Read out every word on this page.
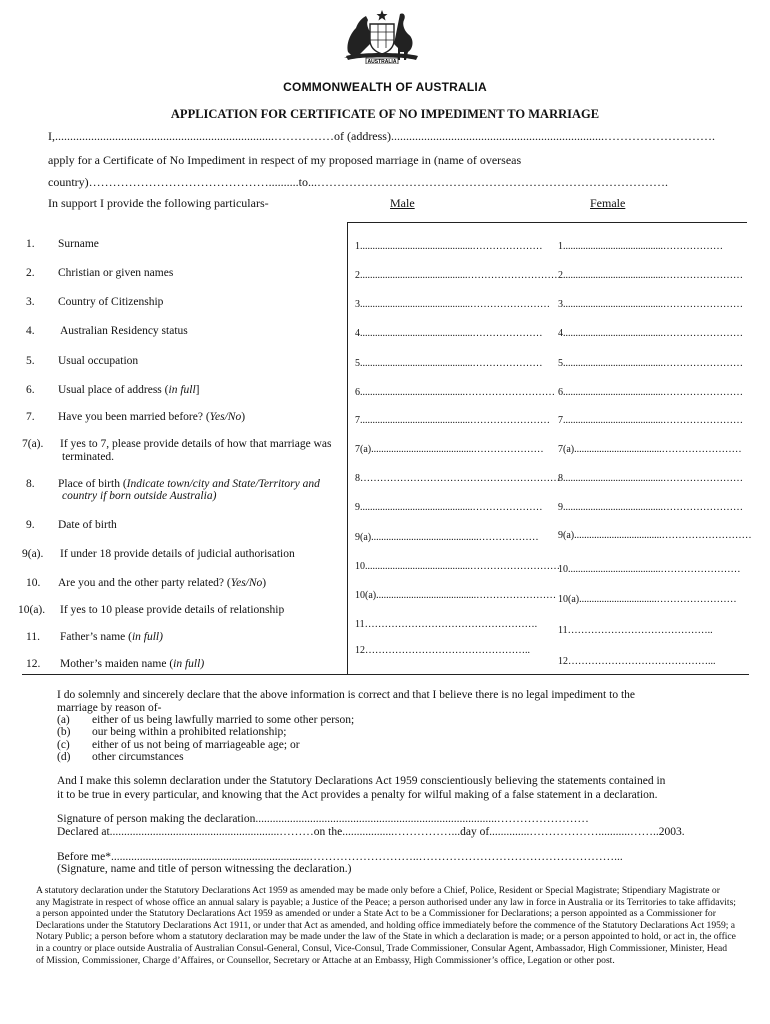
AUSTRALIA
COMMONWEALTH OF AUSTRALIA
APPLICATION FOR CERTIFICATE OF NO IMPEDIMENT TO MARRIAGE
I,.........................................................................……………of (address).......................................................................……………………….
apply for a Certificate of No Impediment in respect of my proposed marriage in (name of overseas
country)………………………………………..........to...…………………………………………………………………………….
In support I provide the following particulars-	Male	Female
1. Surname
2. Christian or given names
3. Country of Citizenship
4. Australian Residency status
5. Usual occupation
6. Usual place of address (in full]
7. Have you been married before? (Yes/No)
7(a). If yes to 7, please provide details of how that marriage was
terminated.
8. Place of birth (Indicate town/city and State/Territory and
country if born outside Australia)
9. Date of birth
9(a). If under 18 provide details of judicial authorisation
10. Are you and the other party related? (Yes/No)
10(a). If yes to 10 please provide details of relationship
11. Father’s name (in full)
12. Mother’s maiden name (in full)
1.............................................…………………
2...........................................………………………
3............................................……………………
4.............................................…………………
5.............................................…………………
6..........................................………………………
7............................................……………………
7(a).........................................…………………
8……………………………………………………
9.............................................…………………
9(a)...........................................………………
10..........................................………………………
10(a)........................................……………………
11…………………………………………….
12…………………………………………..
1........................................………………
2........................................……………………
3........................................……………………
4........................................……………………
5........................................……………………
6........................................……………………
7........................................……………………
7(a)...................................……………………
8........................................……………………
9........................................……………………
9(a)...................................………………………
10.....................................……………………
10(a)...............................……………………
11……………………………………..
12……………………………………...
I do solemnly and sincerely declare that the above information is correct and that I believe there is no legal impediment to the
marriage by reason of-
(a) either of us being lawfully married to some other person;
(b) our being within a prohibited relationship;
(c) either of us not being of marriageable age; or
(d) other circumstances
And I make this solemn declaration under the Statutory Declarations Act 1959 conscientiously believing the statements contained in
it to be true in every particular, and knowing that the Act provides a penalty for wilful making of a false statement in a declaration.
Signature of person making the declaration....................................................................................……………………
Declared at...........................................................………on the..................……………...day of..............………………...........……..2003.
Before me*.....................................................................………………………..……………………………………………...
(Signature, name and title of person witnessing the declaration.)
A statutory declaration under the Statutory Declarations Act 1959 as amended may be made only before a Chief, Police, Resident or Special Magistrate; Stipendiary Magistrate or any Magistrate in respect of whose office an annual salary is payable; a Justice of the Peace; a person authorised under any law in force in Australia or its Territories to take affidavits; a person appointed under the Statutory Declarations Act 1959 as amended or under a State Act to be a Commissioner for Declarations; a person appointed as a Commissioner for Declarations under the Statutory Declarations Act 1911, or under that Act as amended, and holding office immediately before the commence of the Statutory Declarations Act 1959; a Notary Public; a person before whom a statutory declaration may be made under the law of the State in which a declaration is made; or a person appointed to hold, or act in, the office in a country or place outside Australia of Australian Consul-General, Consul, Vice-Consul, Trade Commissioner, Consular Agent, Ambassador, High Commissioner, Minister, Head of Mission, Commissioner, Charge d’Affaires, or Counsellor, Secretary or Attache at an Embassy, High Commissioner’s office, Legation or other post.
